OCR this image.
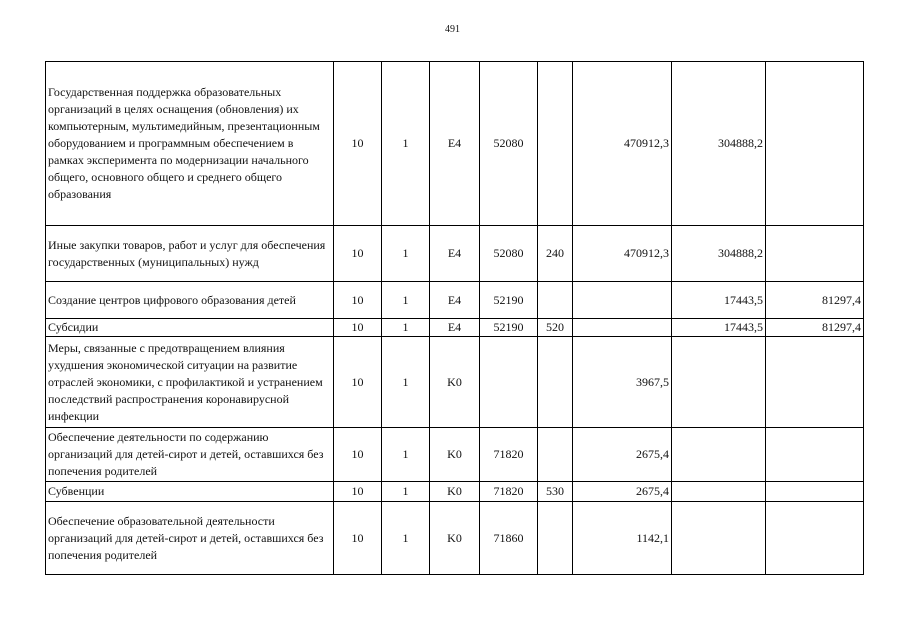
491
Государственная поддержка образовательных организаций в целях оснащения (обновления) их компьютерным, мультимедийным, презентационным оборудованием и программным обеспечением в рамках эксперимента по модернизации начального общего, основного общего и среднего общего образования	10	1	E4	52080		470912,3	304888,2	
Иные закупки товаров, работ и услуг для обеспечения государственных (муниципальных) нужд	10	1	E4	52080	240	470912,3	304888,2	
Создание центров цифрового образования детей	10	1	E4	52190			17443,5	81297,4
Субсидии	10	1	E4	52190	520		17443,5	81297,4
Меры, связанные с предотвращением влияния ухудшения экономической ситуации на развитие отраслей экономики, с профилактикой и устранением последствий распространения коронавирусной инфекции	10	1	K0			3967,5		
Обеспечение деятельности по содержанию организаций для детей-сирот и детей, оставшихся без попечения родителей	10	1	K0	71820		2675,4		
Субвенции	10	1	K0	71820	530	2675,4		
Обеспечение образовательной деятельности организаций для детей-сирот и детей, оставшихся без попечения родителей	10	1	K0	71860		1142,1		
